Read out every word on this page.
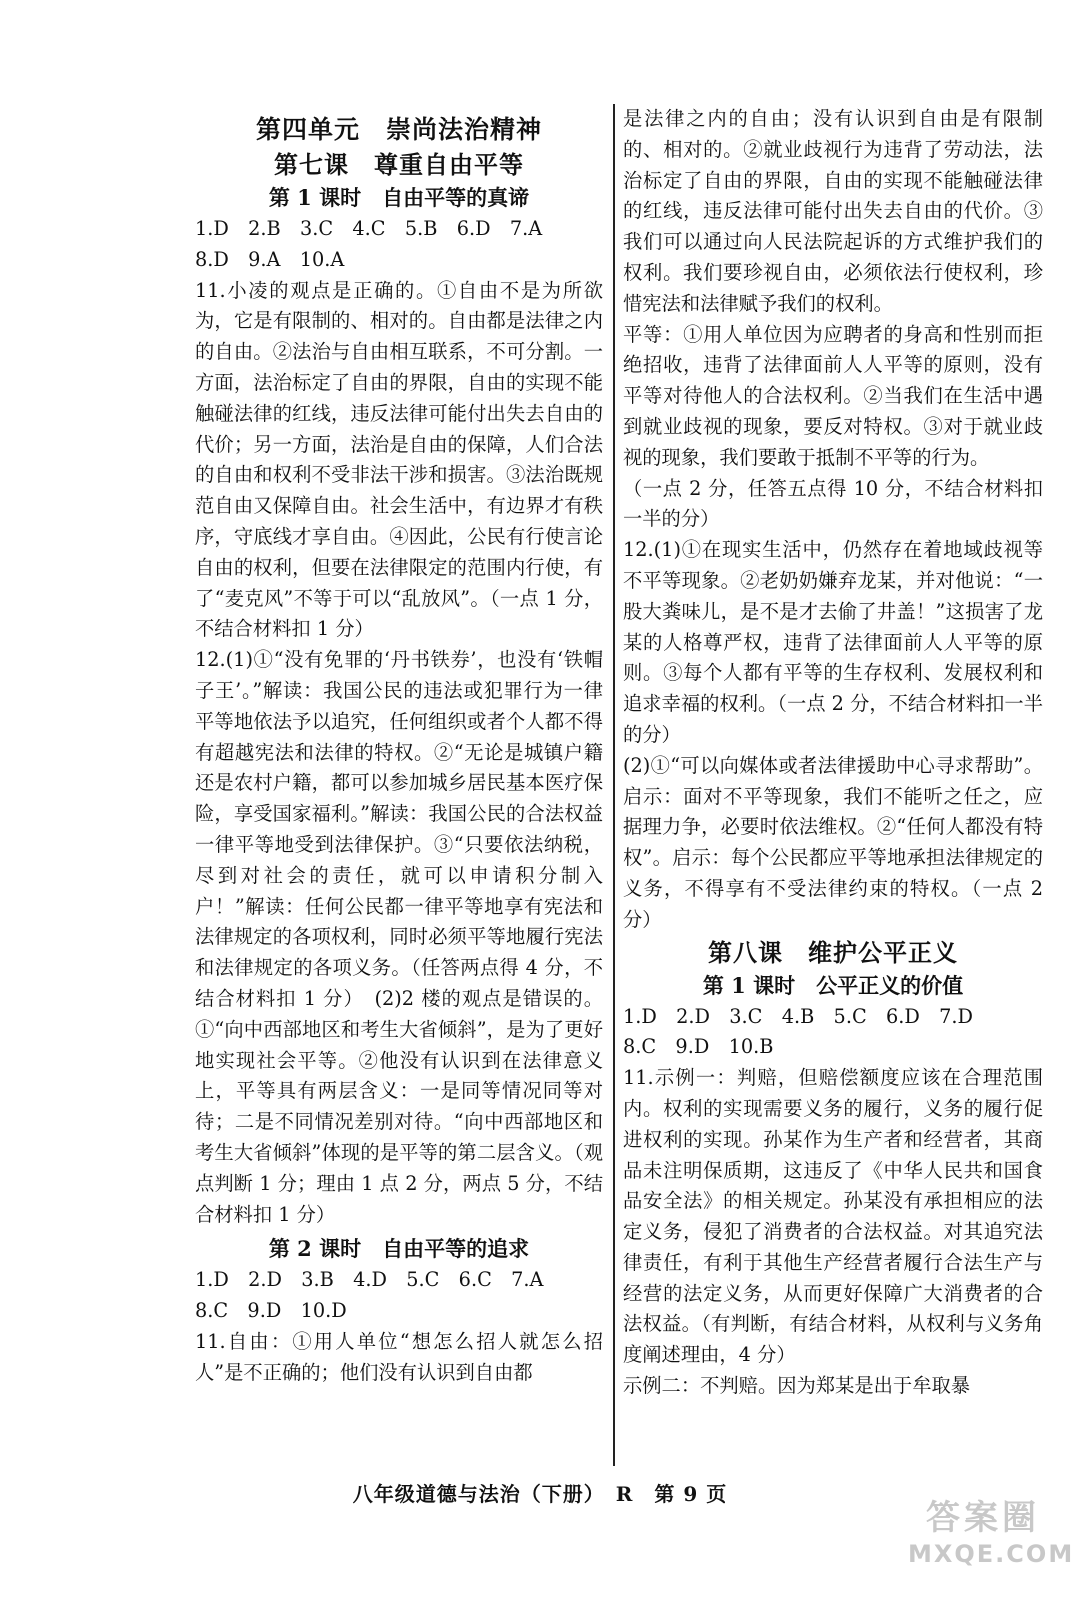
第四单元　崇尚法治精神
第七课　尊重自由平等
第 1 课时　自由平等的真谛

1.D　2.B　3.C　4.C　5.B　6.D　7.A
8.D　9.A　10.A

11.小凌的观点是正确的。①自由不是为所欲为，它是有限制的、相对的。自由都是法律之内的自由。②法治与自由相互联系，不可分割。一方面，法治标定了自由的界限，自由的实现不能触碰法律的红线，违反法律可能付出失去自由的代价；另一方面，法治是自由的保障，人们合法的自由和权利不受非法干涉和损害。③法治既规范自由又保障自由。社会生活中，有边界才有秩序，守底线才享自由。④因此，公民有行使言论自由的权利，但要在法律限定的范围内行使，有了“麦克风”不等于可以“乱放风”。（一点 1 分，不结合材料扣 1 分）

12.(1)①“没有免罪的‘丹书铁券’，也没有‘铁帽子王’。”解读：我国公民的违法或犯罪行为一律平等地依法予以追究，任何组织或者个人都不得有超越宪法和法律的特权。②“无论是城镇户籍还是农村户籍，都可以参加城乡居民基本医疗保险，享受国家福利。”解读：我国公民的合法权益一律平等地受到法律保护。③“只要依法纳税，尽到对社会的责任，就可以申请积分制入户！”解读：任何公民都一律平等地享有宪法和法律规定的各项权利，同时必须平等地履行宪法和法律规定的各项义务。（任答两点得 4 分，不结合材料扣 1 分）　(2)2 楼的观点是错误的。①“向中西部地区和考生大省倾斜”，是为了更好地实现社会平等。②他没有认识到在法律意义上，平等具有两层含义：一是同等情况同等对待；二是不同情况差别对待。“向中西部地区和考生大省倾斜”体现的是平等的第二层含义。（观点判断 1 分；理由 1 点 2 分，两点 5 分，不结合材料扣 1 分）

第 2 课时　自由平等的追求

1.D　2.D　3.B　4.D　5.C　6.C　7.A
8.C　9.D　10.D

11.自由：①用人单位“想怎么招人就怎么招人”是不正确的；他们没有认识到自由都

是法律之内的自由；没有认识到自由是有限制的、相对的。②就业歧视行为违背了劳动法，法治标定了自由的界限，自由的实现不能触碰法律的红线，违反法律可能付出失去自由的代价。③我们可以通过向人民法院起诉的方式维护我们的权利。我们要珍视自由，必须依法行使权利，珍惜宪法和法律赋予我们的权利。

平等：①用人单位因为应聘者的身高和性别而拒绝招收，违背了法律面前人人平等的原则，没有平等对待他人的合法权利。②当我们在生活中遇到就业歧视的现象，要反对特权。③对于就业歧视的现象，我们要敢于抵制不平等的行为。

（一点 2 分，任答五点得 10 分，不结合材料扣一半的分）

12.(1)①在现实生活中，仍然存在着地域歧视等不平等现象。②老奶奶嫌弃龙某，并对他说：“一股大粪味儿，是不是才去偷了井盖！”这损害了龙某的人格尊严权，违背了法律面前人人平等的原则。③每个人都有平等的生存权利、发展权利和追求幸福的权利。（一点 2 分，不结合材料扣一半的分）

(2)①“可以向媒体或者法律援助中心寻求帮助”。启示：面对不平等现象，我们不能听之任之，应据理力争，必要时依法维权。②“任何人都没有特权”。启示：每个公民都应平等地承担法律规定的义务，不得享有不受法律约束的特权。（一点 2 分）

第八课　维护公平正义
第 1 课时　公平正义的价值

1.D　2.D　3.C　4.B　5.C　6.D　7.D
8.C　9.D　10.B

11.示例一：判赔，但赔偿额度应该在合理范围内。权利的实现需要义务的履行，义务的履行促进权利的实现。孙某作为生产者和经营者，其商品未注明保质期，这违反了《中华人民共和国食品安全法》的相关规定。孙某没有承担相应的法定义务，侵犯了消费者的合法权益。对其追究法律责任，有利于其他生产经营者履行合法生产与经营的法定义务，从而更好保障广大消费者的合法权益。（有判断，有结合材料，从权利与义务角度阐述理由，4 分）

示例二：不判赔。因为郑某是出于牟取暴

八年级道德与法治（下册）　R　第 9 页
答案圈
MXQE.COM
